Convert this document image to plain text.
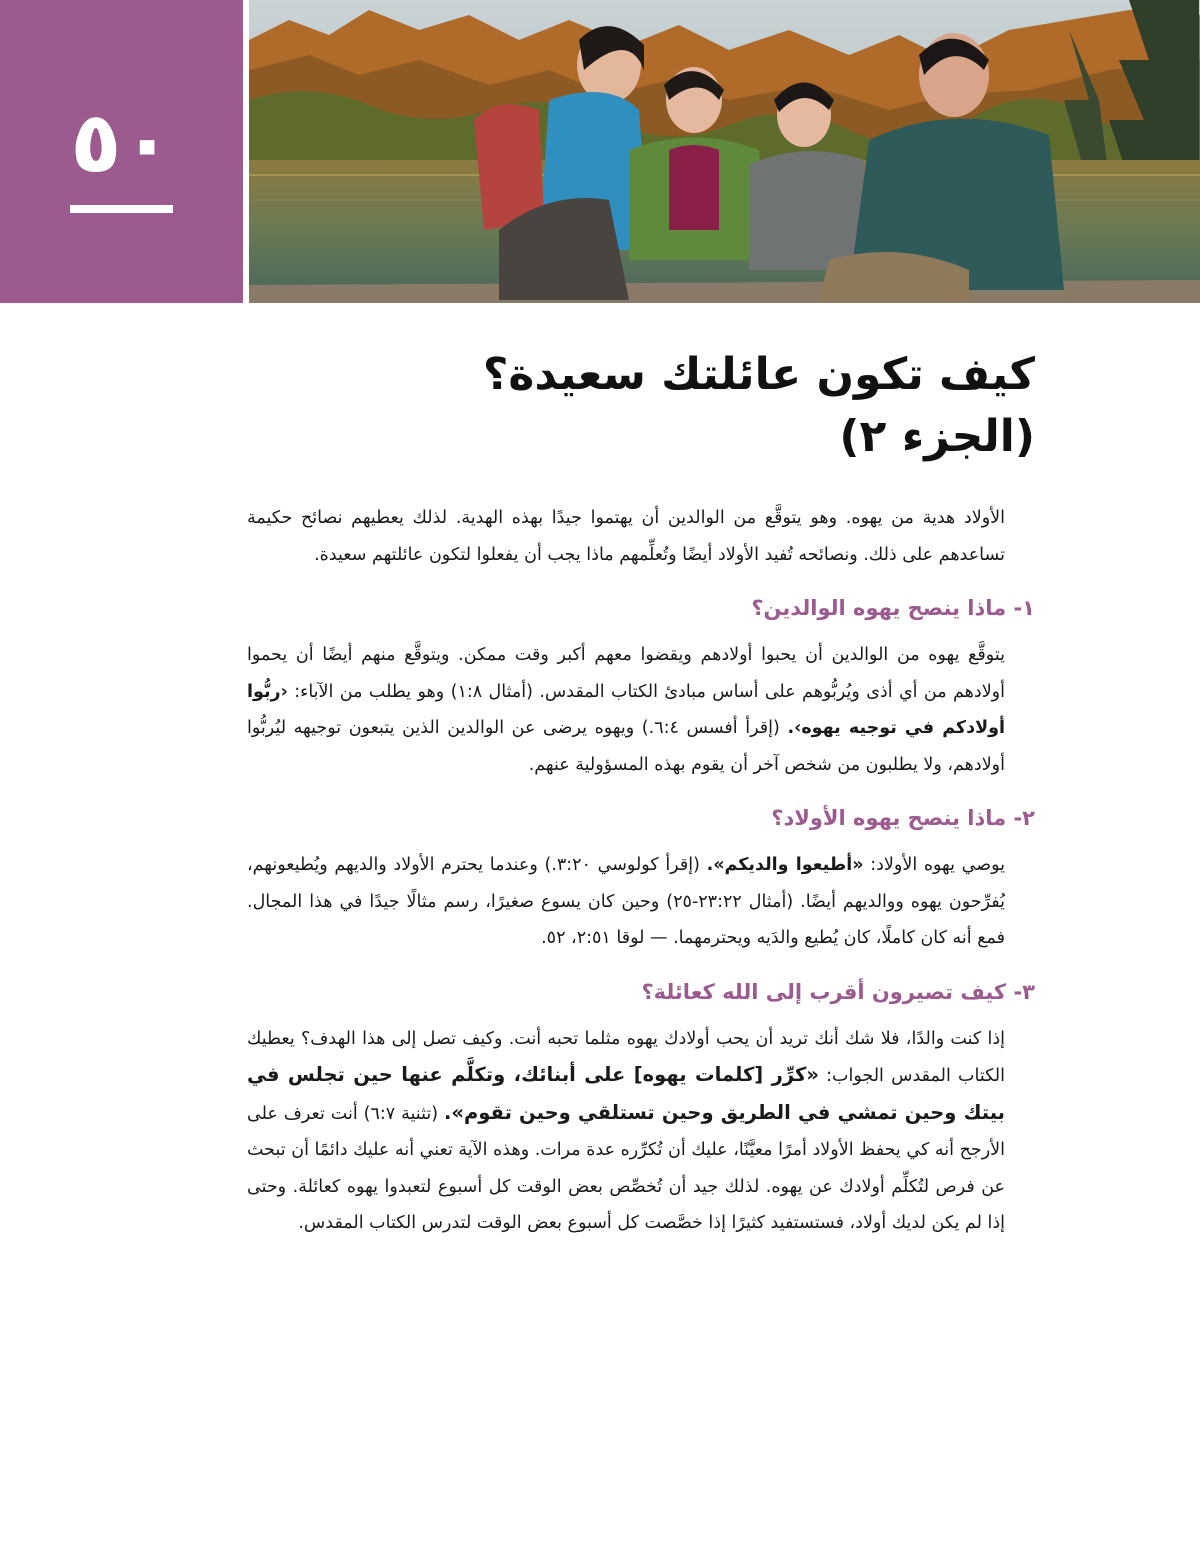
٥٠
كيف تكون عائلتك سعيدة؟
(الجزء ٢)

الأولاد هدية من يهوه. وهو يتوقَّع من الوالدين أن يهتموا جيدًا بهذه الهدية. لذلك يعطيهم نصائح حكيمة تساعدهم على ذلك. ونصائحه تُفيد الأولاد أيضًا وتُعلِّمهم ماذا يجب أن يفعلوا لتكون عائلتهم سعيدة.

١- ماذا ينصح يهوه الوالدين؟

يتوقَّع يهوه من الوالدين أن يحبوا أولادهم ويقضوا معهم أكبر وقت ممكن. ويتوقَّع منهم أيضًا أن يحموا أولادهم من أي أذى ويُربُّوهم على أساس مبادئ الكتاب المقدس. (أمثال ١:٨) وهو يطلب من الآباء: ‹ربُّوا أولادكم في توجيه يهوه›. (إقرأ أفسس ٦:٤.) ويهوه يرضى عن الوالدين الذين يتبعون توجيهه ليُربُّوا أولادهم، ولا يطلبون من شخص آخر أن يقوم بهذه المسؤولية عنهم.

٢- ماذا ينصح يهوه الأولاد؟

يوصي يهوه الأولاد: «أطيعوا والديكم». (إقرأ كولوسي ٣:٢٠.) وعندما يحترم الأولاد والديهم ويُطيعونهم، يُفرِّحون يهوه ووالديهم أيضًا. (أمثال ٢٣:٢٢-٢٥) وحين كان يسوع صغيرًا، رسم مثالًا جيدًا في هذا المجال. فمع أنه كان كاملًا، كان يُطيع والدَيه ويحترمهما. — لوقا ٢:٥١، ٥٢.

٣- كيف تصيرون أقرب إلى الله كعائلة؟

إذا كنت والدًا، فلا شك أنك تريد أن يحب أولادك يهوه مثلما تحبه أنت. وكيف تصل إلى هذا الهدف؟ يعطيك الكتاب المقدس الجواب: «كرِّر [كلمات يهوه] على أبنائك، وتكلَّم عنها حين تجلس في بيتك وحين تمشي في الطريق وحين تستلقي وحين تقوم». (تثنية ٦:٧) أنت تعرف على الأرجح أنه كي يحفظ الأولاد أمرًا معيَّنًا، عليك أن تُكرِّره عدة مرات. وهذه الآية تعني أنه عليك دائمًا أن تبحث عن فرص لتُكلِّم أولادك عن يهوه. لذلك جيد أن تُخصِّص بعض الوقت كل أسبوع لتعبدوا يهوه كعائلة. وحتى إذا لم يكن لديك أولاد، فستستفيد كثيرًا إذا خصَّصت كل أسبوع بعض الوقت لتدرس الكتاب المقدس.
